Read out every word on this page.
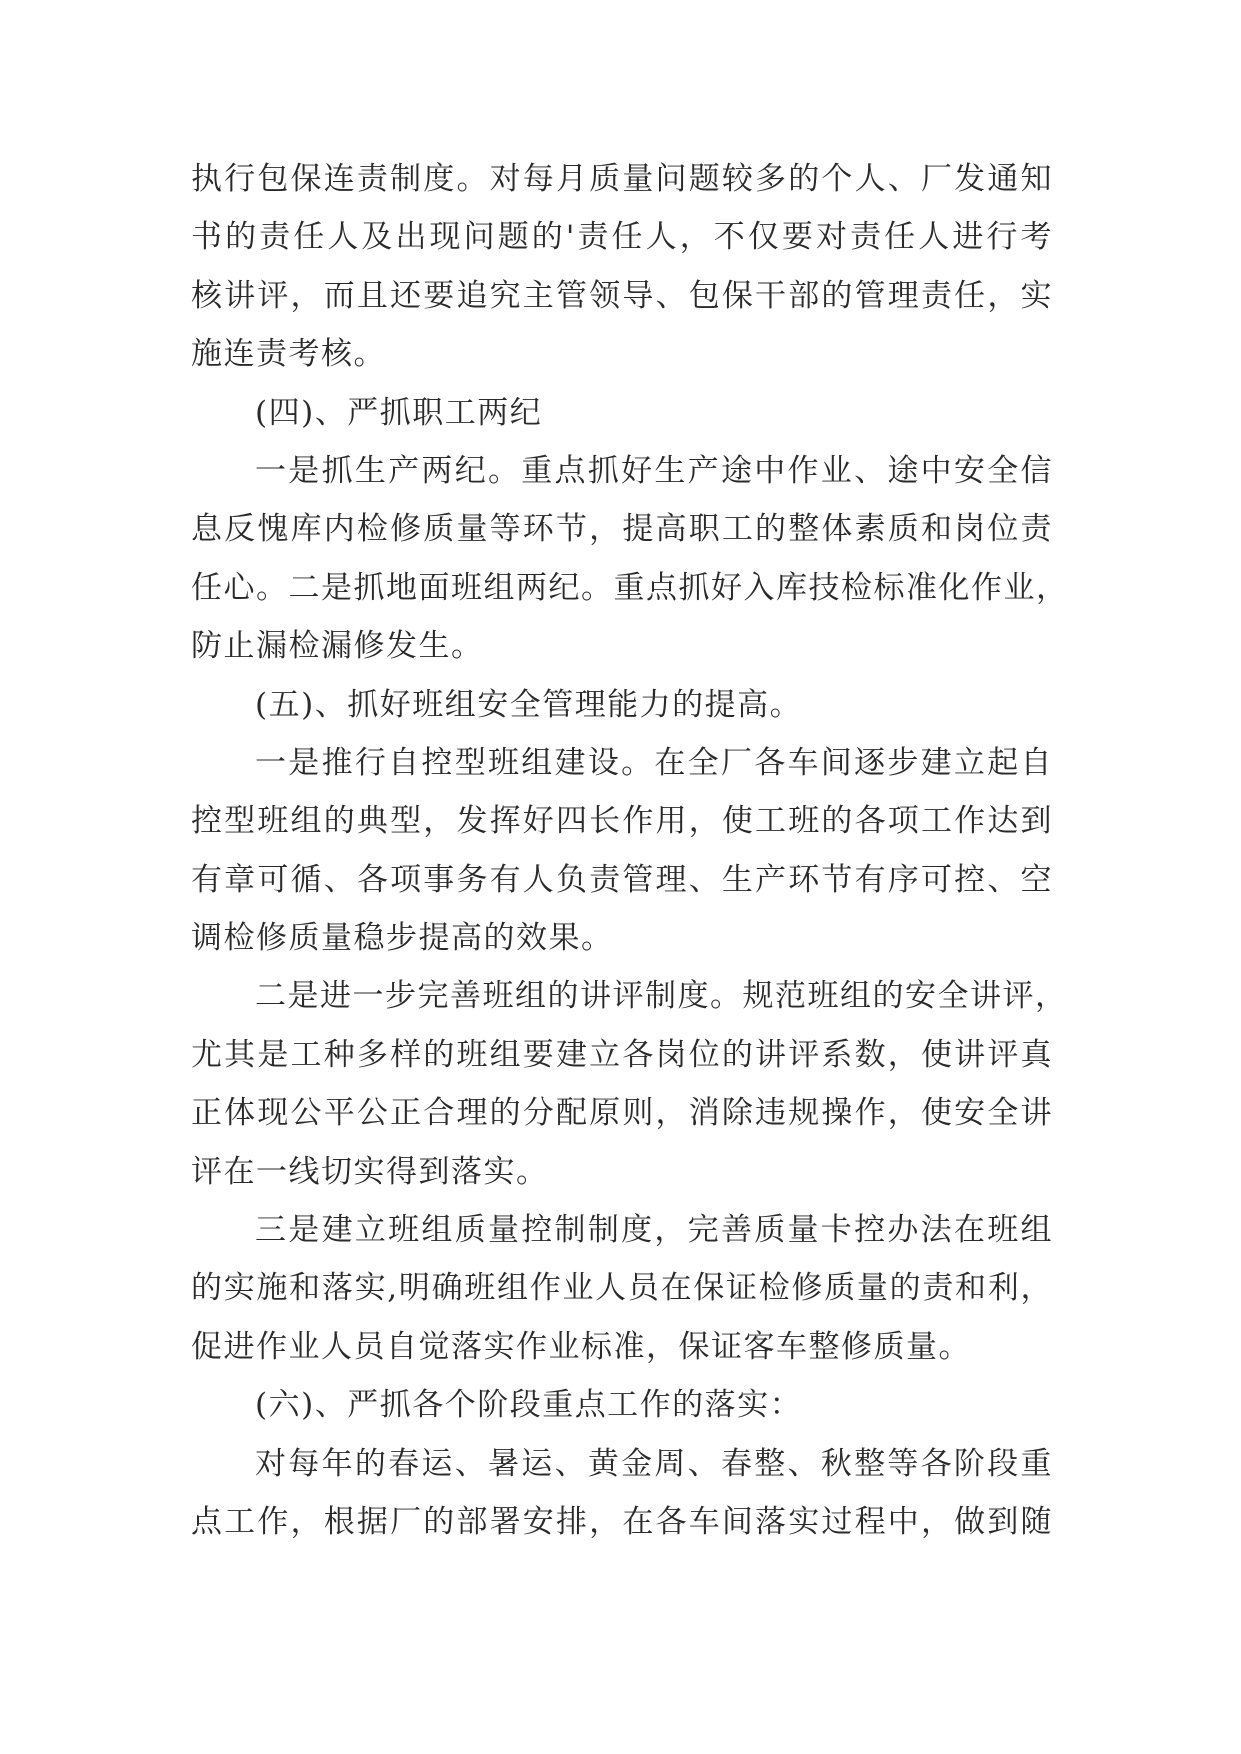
执行包保连责制度。对每月质量问题较多的个人、厂发通知
书的责任人及出现问题的'责任人，不仅要对责任人进行考
核讲评，而且还要追究主管领导、包保干部的管理责任，实
施连责考核。
(四)、严抓职工两纪
一是抓生产两纪。重点抓好生产途中作业、途中安全信
息反愧库内检修质量等环节，提高职工的整体素质和岗位责
任心。二是抓地面班组两纪。重点抓好入库技检标准化作业，
防止漏检漏修发生。
(五)、抓好班组安全管理能力的提高。
一是推行自控型班组建设。在全厂各车间逐步建立起自
控型班组的典型，发挥好四长作用，使工班的各项工作达到
有章可循、各项事务有人负责管理、生产环节有序可控、空
调检修质量稳步提高的效果。
二是进一步完善班组的讲评制度。规范班组的安全讲评，
尤其是工种多样的班组要建立各岗位的讲评系数，使讲评真
正体现公平公正合理的分配原则，消除违规操作，使安全讲
评在一线切实得到落实。
三是建立班组质量控制制度，完善质量卡控办法在班组
的实施和落实,明确班组作业人员在保证检修质量的责和利，
促进作业人员自觉落实作业标准，保证客车整修质量。
(六)、严抓各个阶段重点工作的落实：
对每年的春运、暑运、黄金周、春整、秋整等各阶段重
点工作，根据厂的部署安排，在各车间落实过程中，做到随
